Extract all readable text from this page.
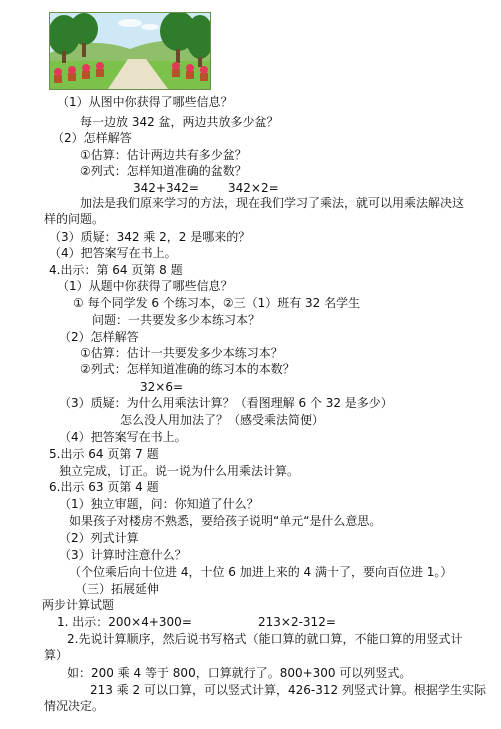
（1）从图中你获得了哪些信息？
每一边放 342 盆，两边共放多少盆？
（2）怎样解答
①估算：估计两边共有多少盆？
②列式：怎样知道准确的盆数？
342+342= 342×2=
加法是我们原来学习的方法，现在我们学习了乘法，就可以用乘法解决这
样的问题。
（3）质疑：342 乘 2，2 是哪来的？
（4）把答案写在书上。
4.出示：第 64 页第 8 题
（1）从题中你获得了哪些信息？
① 每个同学发 6 个练习本，②三（1）班有 32 名学生
问题：一共要发多少本练习本？
（2）怎样解答
①估算：估计一共要发多少本练习本？
②列式：怎样知道准确的练习本的本数？
32×6=
（3）质疑：为什么用乘法计算？（看图理解 6 个 32 是多少）
怎么没人用加法了？（感受乘法简便）
（4）把答案写在书上。
5.出示 64 页第 7 题
独立完成，订正。说一说为什么用乘法计算。
6.出示 63 页第 4 题
（1）独立审题，问：你知道了什么？
如果孩子对楼房不熟悉，要给孩子说明“单元“是什么意思。
（2）列式计算
（3）计算时注意什么？
（个位乘后向十位进 4，十位 6 加进上来的 4 满十了，要向百位进 1。）
（三）拓展延伸
两步计算试题
1. 出示：200×4+300=	213×2-312=
2.先说计算顺序，然后说书写格式（能口算的就口算，不能口算的用竖式计
算）
如：200 乘 4 等于 800，口算就行了。800+300 可以列竖式。
213 乘 2 可以口算，可以竖式计算，426-312 列竖式计算。根据学生实际
情况决定。
